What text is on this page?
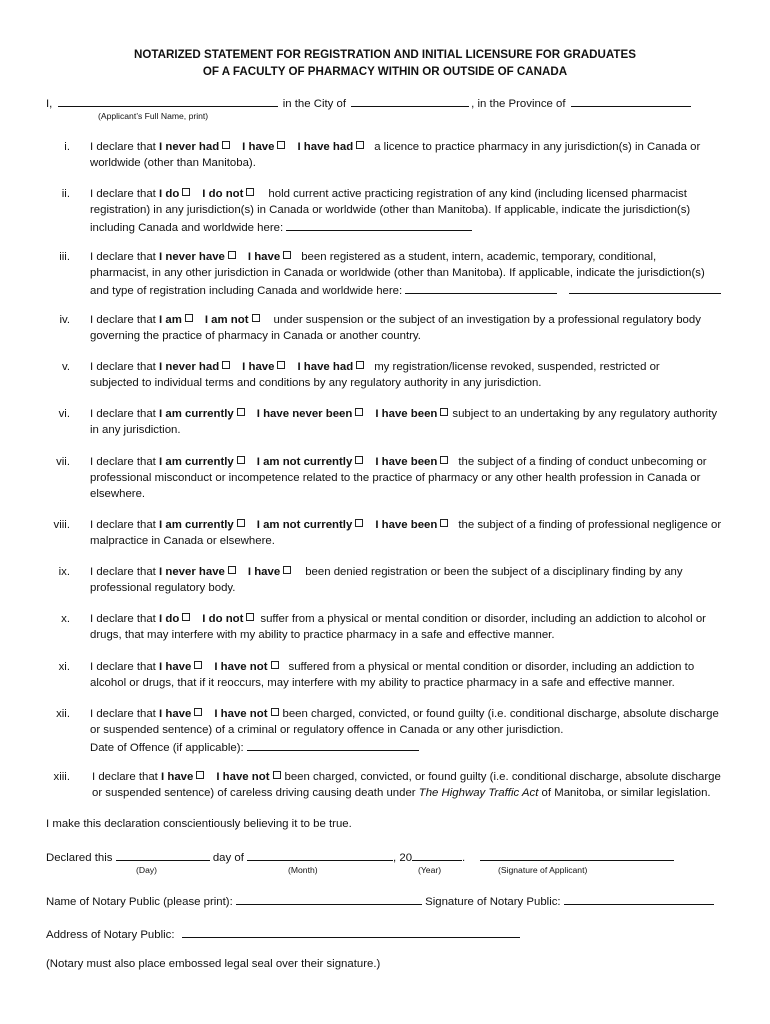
NOTARIZED STATEMENT FOR REGISTRATION AND INITIAL LICENSURE FOR GRADUATES
OF A FACULTY OF PHARMACY WITHIN OR OUTSIDE OF CANADA
I,	in the City of	, in the Province of
(Applicant’s Full Name, print)
i. I declare that I never had I have I have had a licence to practice pharmacy in any jurisdiction(s) in Canada or
worldwide (other than Manitoba).
ii. I declare that I do I do not hold current active practicing registration of any kind (including licensed pharmacist
registration) in any jurisdiction(s) in Canada or worldwide (other than Manitoba). If applicable, indicate the jurisdiction(s)
including Canada and worldwide here:
iii. I declare that I never have I have been registered as a student, intern, academic, temporary, conditional,
pharmacist, in any other jurisdiction in Canada or worldwide (other than Manitoba). If applicable, indicate the jurisdiction(s)
and type of registration including Canada and worldwide here:
iv. I declare that I am I am not under suspension or the subject of an investigation by a professional regulatory body
governing the practice of pharmacy in Canada or another country.
v. I declare that I never had I have I have had my registration/license revoked, suspended, restricted or
subjected to individual terms and conditions by any regulatory authority in any jurisdiction.
vi. I declare that I am currently I have never been I have been subject to an undertaking by any regulatory authority
in any jurisdiction.
vii. I declare that I am currently I am not currently I have been the subject of a finding of conduct unbecoming or
professional misconduct or incompetence related to the practice of pharmacy or any other health profession in Canada or
elsewhere.
viii. I declare that I am currently I am not currently I have been the subject of a finding of professional negligence or
malpractice in Canada or elsewhere.
ix. I declare that I never have I have been denied registration or been the subject of a disciplinary finding by any
professional regulatory body.
x. I declare that I do I do not suffer from a physical or mental condition or disorder, including an addiction to alcohol or
drugs, that may interfere with my ability to practice pharmacy in a safe and effective manner.
xi. I declare that I have I have not suffered from a physical or mental condition or disorder, including an addiction to
alcohol or drugs, that if it reoccurs, may interfere with my ability to practice pharmacy in a safe and effective manner.
xii. I declare that I have I have not been charged, convicted, or found guilty (i.e. conditional discharge, absolute discharge
or suspended sentence) of a criminal or regulatory offence in Canada or any other jurisdiction.
Date of Offence (if applicable):
xiii. I declare that I have I have not been charged, convicted, or found guilty (i.e. conditional discharge, absolute discharge
or suspended sentence) of careless driving causing death under The Highway Traffic Act of Manitoba, or similar legislation.
I make this declaration conscientiously believing it to be true.
Declared this	day of	, 20	.
(Day)	(Month)	(Year)	(Signature of Applicant)
Name of Notary Public (please print):	Signature of Notary Public:
Address of Notary Public:
(Notary must also place embossed legal seal over their signature.)
